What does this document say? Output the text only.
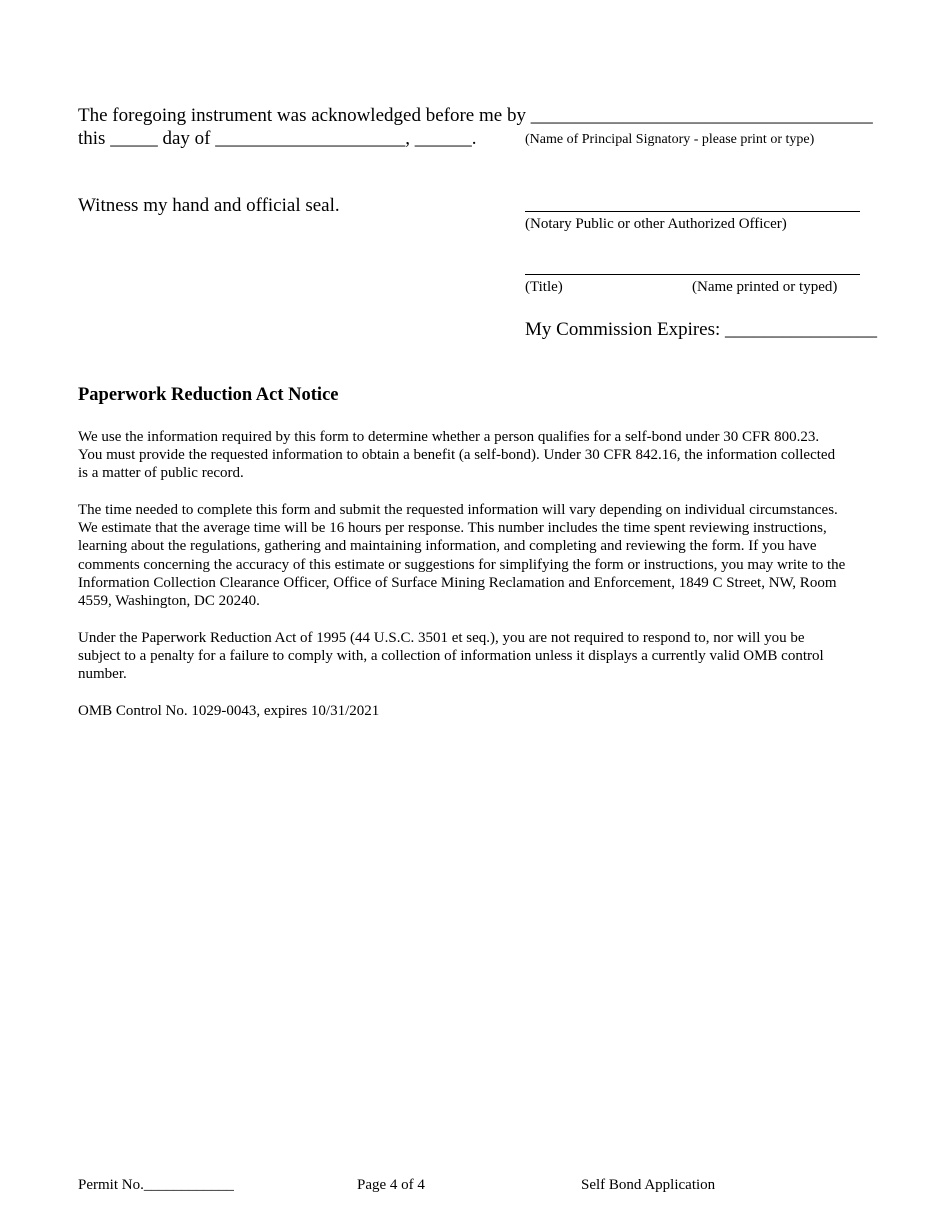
The foregoing instrument was acknowledged before me by ____________________________________
this _____ day of ____________________, ______.	(Name of Principal Signatory - please print or type)
Witness my hand and official seal.
(Notary Public or other Authorized Officer)
(Title)	(Name printed or typed)
My Commission Expires: ________________
Paperwork Reduction Act Notice
We use the information required by this form to determine whether a person qualifies for a self-bond under 30 CFR 800.23.
You must provide the requested information to obtain a benefit (a self-bond). Under 30 CFR 842.16, the information collected
is a matter of public record.
The time needed to complete this form and submit the requested information will vary depending on individual circumstances.
We estimate that the average time will be 16 hours per response. This number includes the time spent reviewing instructions,
learning about the regulations, gathering and maintaining information, and completing and reviewing the form. If you have
comments concerning the accuracy of this estimate or suggestions for simplifying the form or instructions, you may write to the
Information Collection Clearance Officer, Office of Surface Mining Reclamation and Enforcement, 1849 C Street, NW, Room
4559, Washington, DC 20240.
Under the Paperwork Reduction Act of 1995 (44 U.S.C. 3501 et seq.), you are not required to respond to, nor will you be
subject to a penalty for a failure to comply with, a collection of information unless it displays a currently valid OMB control
number.
OMB Control No. 1029-0043, expires 10/31/2021
Permit No.____________	Page 4 of 4	Self Bond Application
